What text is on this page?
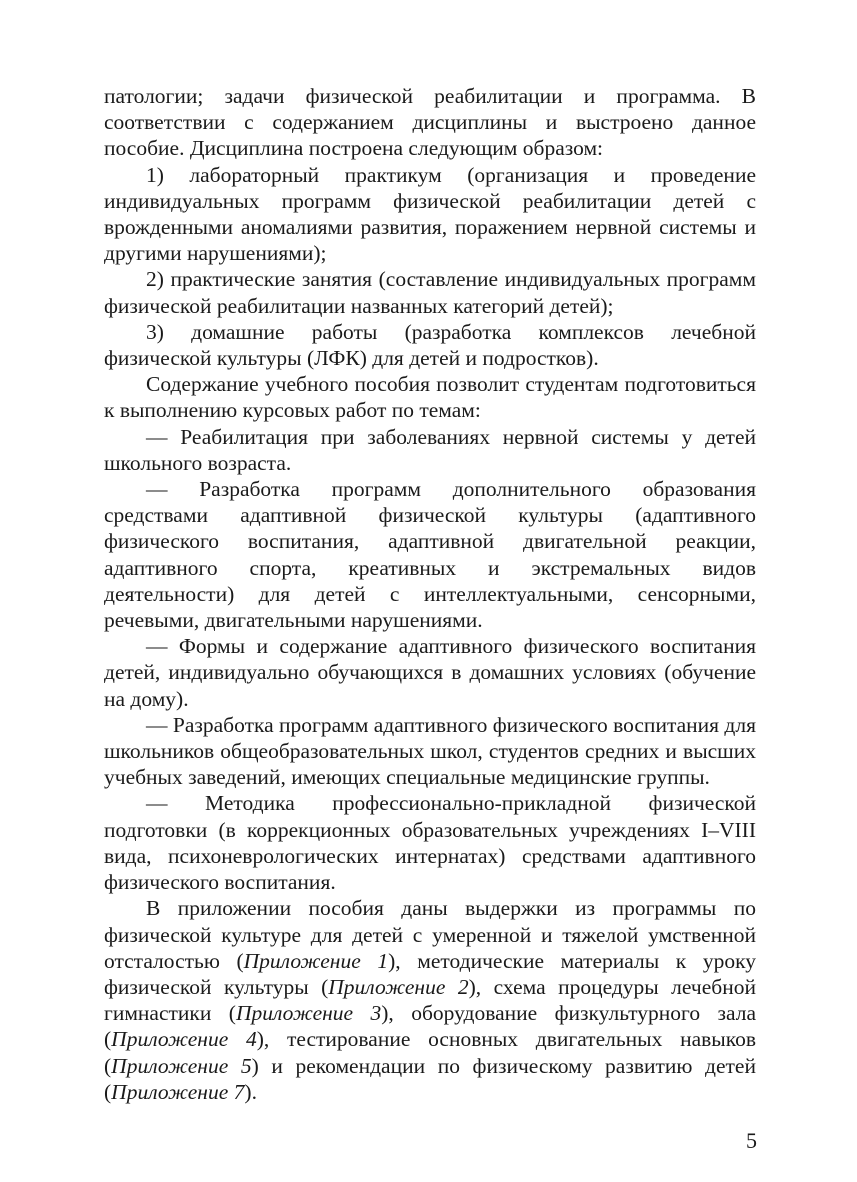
патологии; задачи физической реабилитации и программа. В соответствии с содержанием дисциплины и выстроено данное пособие. Дисциплина построена следующим образом:

1) лабораторный практикум (организация и проведение индивидуальных программ физической реабилитации детей с врожденными аномалиями развития, поражением нервной системы и другими нарушениями);

2) практические занятия (составление индивидуальных программ физической реабилитации названных категорий детей);

3) домашние работы (разработка комплексов лечебной физической культуры (ЛФК) для детей и подростков).

Содержание учебного пособия позволит студентам подготовиться к выполнению курсовых работ по темам:

— Реабилитация при заболеваниях нервной системы у детей школьного возраста.

— Разработка программ дополнительного образования средствами адаптивной физической культуры (адаптивного физического воспитания, адаптивной двигательной реакции, адаптивного спорта, креативных и экстремальных видов деятельности) для детей с интеллектуальными, сенсорными, речевыми, двигательными нарушениями.

— Формы и содержание адаптивного физического воспитания детей, индивидуально обучающихся в домашних условиях (обучение на дому).

— Разработка программ адаптивного физического воспитания для школьников общеобразовательных школ, студентов средних и высших учебных заведений, имеющих специальные медицинские группы.

— Методика профессионально-прикладной физической подготовки (в коррекционных образовательных учреждениях I–VIII вида, психоневрологических интернатах) средствами адаптивного физического воспитания.

В приложении пособия даны выдержки из программы по физической культуре для детей с умеренной и тяжелой умственной отсталостью (Приложение 1), методические материалы к уроку физической культуры (Приложение 2), схема процедуры лечебной гимнастики (Приложение 3), оборудование физкультурного зала (Приложение 4), тестирование основных двигательных навыков (Приложение 5) и рекомендации по физическому развитию детей (Приложение 7).

5
